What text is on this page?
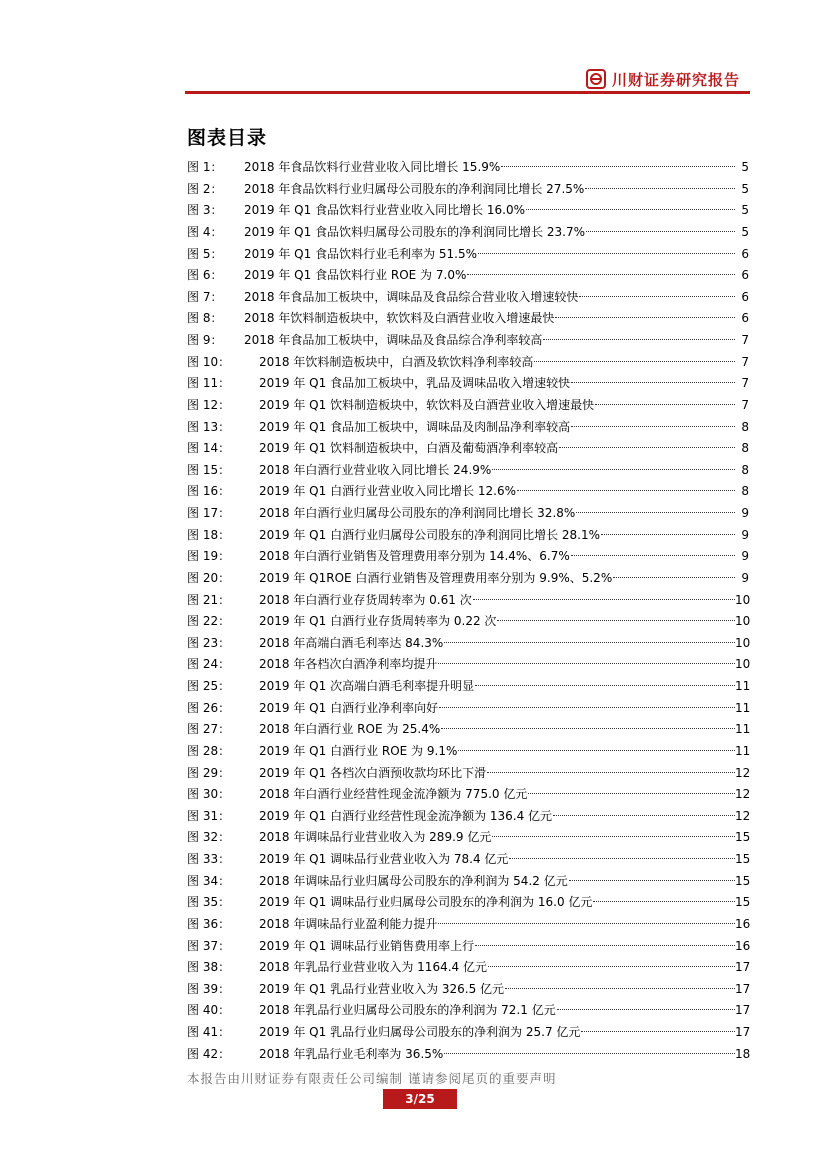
川财证券研究报告
图表目录
图 1： 2018 年食品饮料行业营业收入同比增长 15.9%	5
图 2： 2018 年食品饮料行业归属母公司股东的净利润同比增长 27.5%	5
图 3： 2019 年 Q1 食品饮料行业营业收入同比增长 16.0%	5
图 4： 2019 年 Q1 食品饮料归属母公司股东的净利润同比增长 23.7%	5
图 5： 2019 年 Q1 食品饮料行业毛利率为 51.5%	6
图 6： 2019 年 Q1 食品饮料行业 ROE 为 7.0%	6
图 7： 2018 年食品加工板块中，调味品及食品综合营业收入增速较快	6
图 8： 2018 年饮料制造板块中，软饮料及白酒营业收入增速最快	6
图 9： 2018 年食品加工板块中，调味品及食品综合净利率较高	7
图 10： 2018 年饮料制造板块中，白酒及软饮料净利率较高	7
图 11： 2019 年 Q1 食品加工板块中，乳品及调味品收入增速较快	7
图 12： 2019 年 Q1 饮料制造板块中，软饮料及白酒营业收入增速最快	7
图 13： 2019 年 Q1 食品加工板块中，调味品及肉制品净利率较高	8
图 14： 2019 年 Q1 饮料制造板块中，白酒及葡萄酒净利率较高	8
图 15： 2018 年白酒行业营业收入同比增长 24.9%	8
图 16： 2019 年 Q1 白酒行业营业收入同比增长 12.6%	8
图 17： 2018 年白酒行业归属母公司股东的净利润同比增长 32.8%	9
图 18： 2019 年 Q1 白酒行业归属母公司股东的净利润同比增长 28.1%	9
图 19： 2018 年白酒行业销售及管理费用率分别为 14.4%、6.7%	9
图 20： 2019 年 Q1ROE 白酒行业销售及管理费用率分别为 9.9%、5.2%	9
图 21： 2018 年白酒行业存货周转率为 0.61 次	10
图 22： 2019 年 Q1 白酒行业存货周转率为 0.22 次	10
图 23： 2018 年高端白酒毛利率达 84.3%	10
图 24： 2018 年各档次白酒净利率均提升	10
图 25： 2019 年 Q1 次高端白酒毛利率提升明显	11
图 26： 2019 年 Q1 白酒行业净利率向好	11
图 27： 2018 年白酒行业 ROE 为 25.4%	11
图 28： 2019 年 Q1 白酒行业 ROE 为 9.1%	11
图 29： 2019 年 Q1 各档次白酒预收款均环比下滑	12
图 30： 2018 年白酒行业经营性现金流净额为 775.0 亿元	12
图 31： 2019 年 Q1 白酒行业经营性现金流净额为 136.4 亿元	12
图 32： 2018 年调味品行业营业收入为 289.9 亿元	15
图 33： 2019 年 Q1 调味品行业营业收入为 78.4 亿元	15
图 34： 2018 年调味品行业归属母公司股东的净利润为 54.2 亿元	15
图 35： 2019 年 Q1 调味品行业归属母公司股东的净利润为 16.0 亿元	15
图 36： 2018 年调味品行业盈利能力提升	16
图 37： 2019 年 Q1 调味品行业销售费用率上行	16
图 38： 2018 年乳品行业营业收入为 1164.4 亿元	17
图 39： 2019 年 Q1 乳品行业营业收入为 326.5 亿元	17
图 40： 2018 年乳品行业归属母公司股东的净利润为 72.1 亿元	17
图 41： 2019 年 Q1 乳品行业归属母公司股东的净利润为 25.7 亿元	17
图 42： 2018 年乳品行业毛利率为 36.5%	18
本报告由川财证券有限责任公司编制 谨请参阅尾页的重要声明
3/25
